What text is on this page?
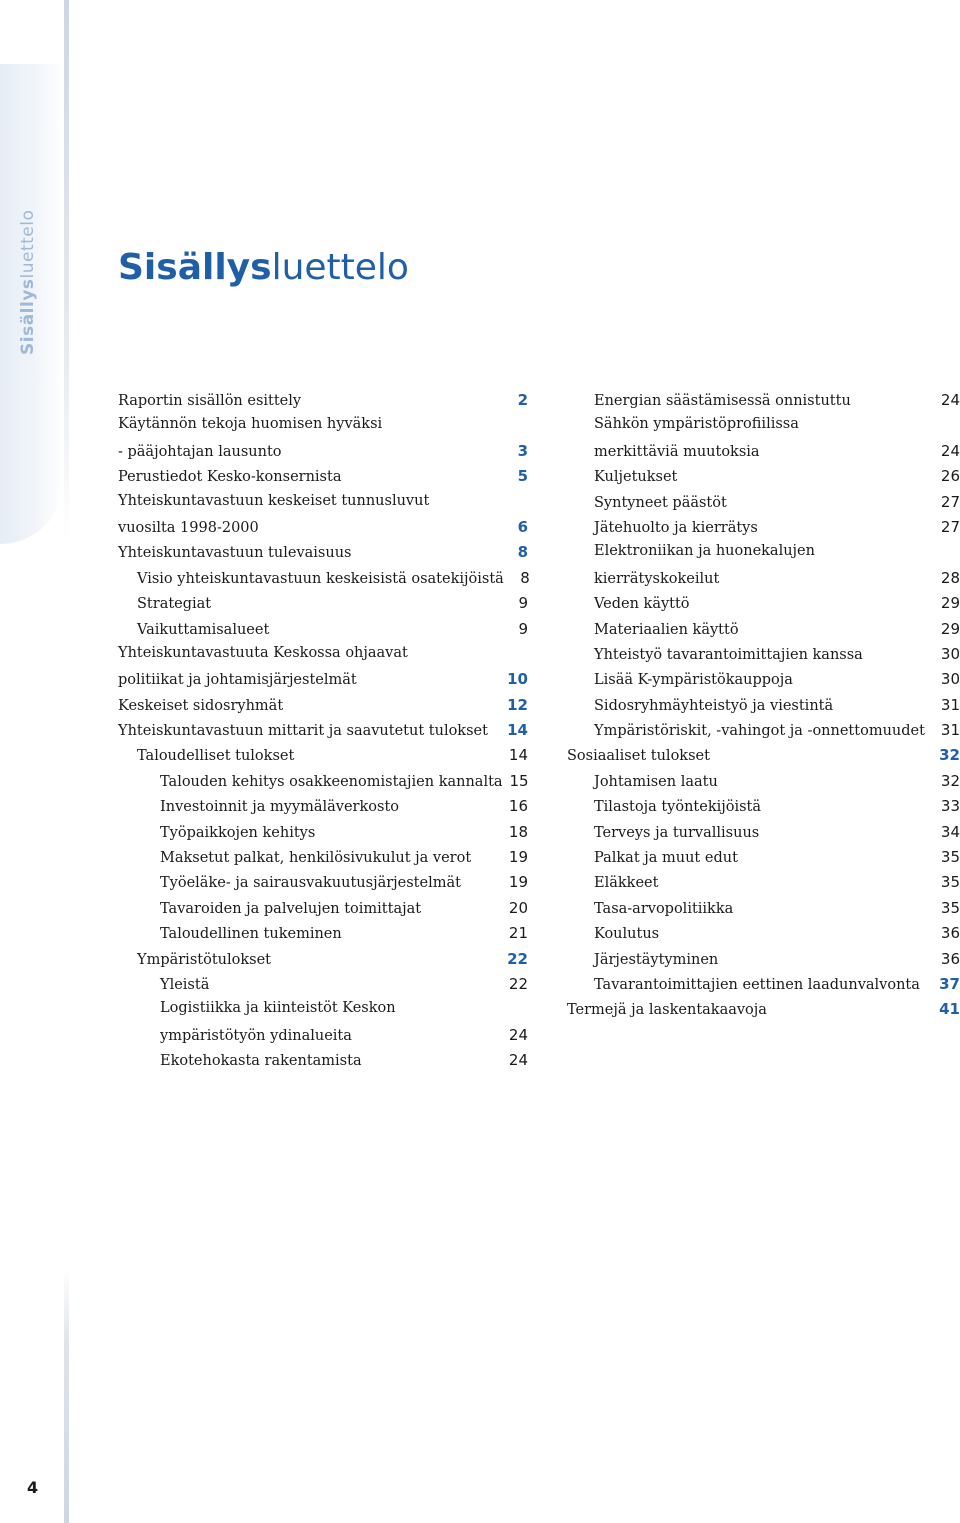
Sisällysluettelo Sisällysluettelo
Raportin sisällön esittely	2
Käytännön tekoja huomisen hyväksi
- pääjohtajan lausunto	3
Perustiedot Kesko-konsernista	5
Yhteiskuntavastuun keskeiset tunnusluvut
vuosilta 1998-2000	6
Yhteiskuntavastuun tulevaisuus	8
Visio yhteiskuntavastuun keskeisistä osatekijöistä	8
Strategiat	9
Vaikuttamisalueet	9
Yhteiskuntavastuuta Keskossa ohjaavat
politiikat ja johtamisjärjestelmät	10
Keskeiset sidosryhmät	12
Yhteiskuntavastuun mittarit ja saavutetut tulokset	14
Taloudelliset tulokset	14
Talouden kehitys osakkeenomistajien kannalta 15
Investoinnit ja myymäläverkosto	16
Työpaikkojen kehitys	18
Maksetut palkat, henkilösivukulut ja verot	19
Työeläke- ja sairausvakuutusjärjestelmät	19
Tavaroiden ja palvelujen toimittajat	20
Taloudellinen tukeminen	21
Ympäristötulokset	22
Yleistä	22
Logistiikka ja kiinteistöt Keskon
ympäristötyön ydinalueita	24
Ekotehokasta rakentamista	24
Energian säästämisessä onnistuttu	24
Sähkön ympäristöprofiilissa
merkittäviä muutoksia	24
Kuljetukset	26
Syntyneet päästöt	27
Jätehuolto ja kierrätys	27
Elektroniikan ja huonekalujen
kierrätyskokeilut	28
Veden käyttö	29
Materiaalien käyttö	29
Yhteistyö tavarantoimittajien kanssa	30
Lisää K-ympäristökauppoja	30
Sidosryhmäyhteistyö ja viestintä	31
Ympäristöriskit, -vahingot ja -onnettomuudet	31
Sosiaaliset tulokset	32
Johtamisen laatu	32
Tilastoja työntekijöistä	33
Terveys ja turvallisuus	34
Palkat ja muut edut	35
Eläkkeet	35
Tasa-arvopolitiikka	35
Koulutus	36
Järjestäytyminen	36
Tavarantoimittajien eettinen laadunvalvonta	37
Termejä ja laskentakaavoja	41
4
